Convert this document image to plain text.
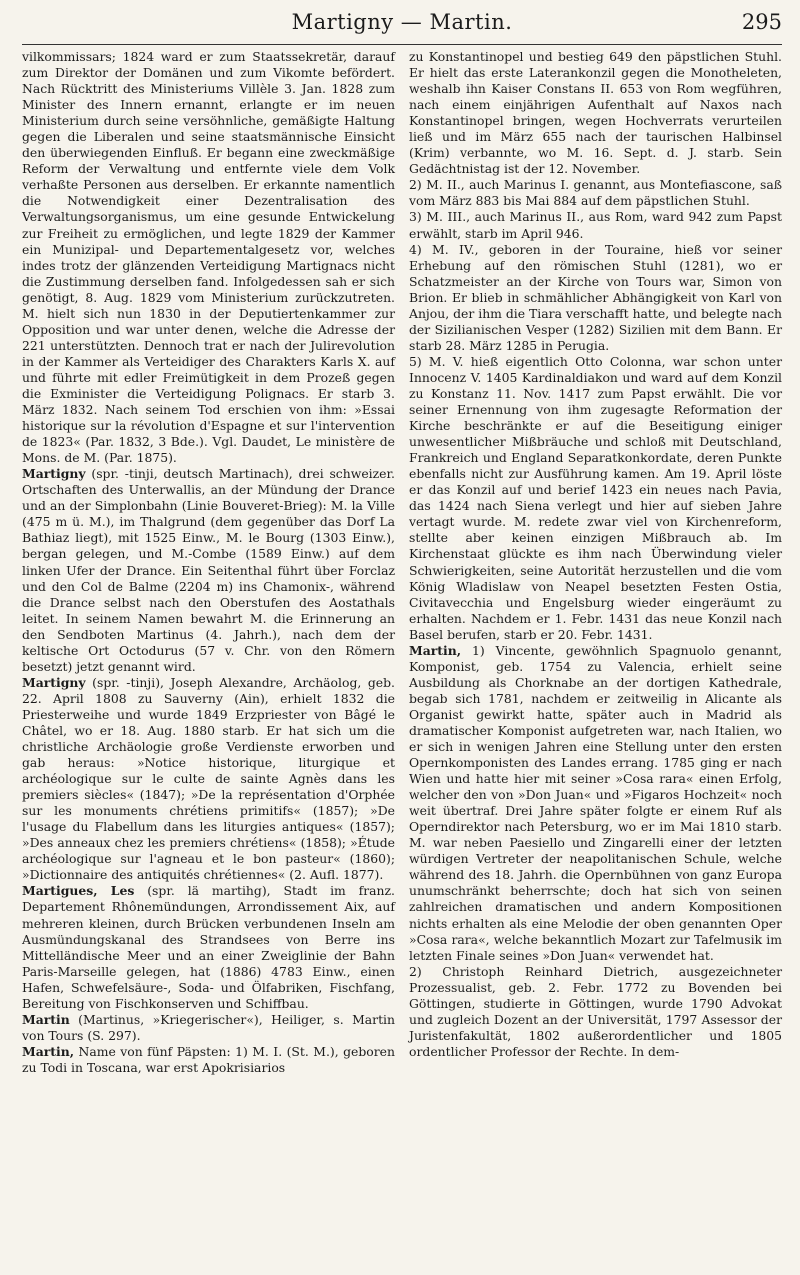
Martigny — Martin.	295

vilkommissars; 1824 ward er zum Staatssekretär, darauf zum Direktor der Domänen und zum Vikomte befördert. Nach Rücktritt des Ministeriums Villèle 3. Jan. 1828 zum Minister des Innern ernannt, erlangte er im neuen Ministerium durch seine versöhnliche, gemäßigte Haltung gegen die Liberalen und seine staatsmännische Einsicht den überwiegenden Einfluß. Er begann eine zweckmäßige Reform der Verwaltung und entfernte viele dem Volk verhaßte Personen aus derselben. Er erkannte namentlich die Notwendigkeit einer Dezentralisation des Verwaltungsorganismus, um eine gesunde Entwickelung zur Freiheit zu ermöglichen, und legte 1829 der Kammer ein Munizipal- und Departementalgesetz vor, welches indes trotz der glänzenden Verteidigung Martignacs nicht die Zustimmung derselben fand. Infolgedessen sah er sich genötigt, 8. Aug. 1829 vom Ministerium zurückzutreten. M. hielt sich nun 1830 in der Deputiertenkammer zur Opposition und war unter denen, welche die Adresse der 221 unterstützten. Dennoch trat er nach der Julirevolution in der Kammer als Verteidiger des Charakters Karls X. auf und führte mit edler Freimütigkeit in dem Prozeß gegen die Exminister die Verteidigung Polignacs. Er starb 3. März 1832. Nach seinem Tod erschien von ihm: »Essai historique sur la révolution d'Espagne et sur l'intervention de 1823« (Par. 1832, 3 Bde.). Vgl. Daudet, Le ministère de Mons. de M. (Par. 1875).

Martigny (spr. -tinji, deutsch Martinach), drei schweizer. Ortschaften des Unterwallis, an der Mündung der Drance und an der Simplonbahn (Linie Bouveret-Brieg): M. la Ville (475 m ü. M.), im Thalgrund (dem gegenüber das Dorf La Bathiaz liegt), mit 1525 Einw., M. le Bourg (1303 Einw.), bergan gelegen, und M.-Combe (1589 Einw.) auf dem linken Ufer der Drance. Ein Seitenthal führt über Forclaz und den Col de Balme (2204 m) ins Chamonix-, während die Drance selbst nach den Oberstufen des Aostathals leitet. In seinem Namen bewahrt M. die Erinnerung an den Sendboten Martinus (4. Jahrh.), nach dem der keltische Ort Octodurus (57 v. Chr. von den Römern besetzt) jetzt genannt wird.

Martigny (spr. -tinji), Joseph Alexandre, Archäolog, geb. 22. April 1808 zu Sauverny (Ain), erhielt 1832 die Priesterweihe und wurde 1849 Erzpriester von Bâgé le Châtel, wo er 18. Aug. 1880 starb. Er hat sich um die christliche Archäologie große Verdienste erworben und gab heraus: »Notice historique, liturgique et archéologique sur le culte de sainte Agnès dans les premiers siècles« (1847); »De la représentation d'Orphée sur les monuments chrétiens primitifs« (1857); »De l'usage du Flabellum dans les liturgies antiques« (1857); »Des anneaux chez les premiers chrétiens« (1858); »Étude archéologique sur l'agneau et le bon pasteur« (1860); »Dictionnaire des antiquités chrétiennes« (2. Aufl. 1877).

Martigues, Les (spr. lä martihg), Stadt im franz. Departement Rhônemündungen, Arrondissement Aix, auf mehreren kleinen, durch Brücken verbundenen Inseln am Ausmündungskanal des Strandsees von Berre ins Mittelländische Meer und an einer Zweiglinie der Bahn Paris-Marseille gelegen, hat (1886) 4783 Einw., einen Hafen, Schwefelsäure-, Soda- und Ölfabriken, Fischfang, Bereitung von Fischkonserven und Schiffbau.

Martin (Martinus, »Kriegerischer«), Heiliger, s. Martin von Tours (S. 297).

Martin, Name von fünf Päpsten: 1) M. I. (St. M.), geboren zu Todi in Toscana, war erst Apokrisiarios

zu Konstantinopel und bestieg 649 den päpstlichen Stuhl. Er hielt das erste Laterankonzil gegen die Monotheleten, weshalb ihn Kaiser Constans II. 653 von Rom wegführen, nach einem einjährigen Aufenthalt auf Naxos nach Konstantinopel bringen, wegen Hochverrats verurteilen ließ und im März 655 nach der taurischen Halbinsel (Krim) verbannte, wo M. 16. Sept. d. J. starb. Sein Gedächtnistag ist der 12. November.

2) M. II., auch Marinus I. genannt, aus Montefiascone, saß vom März 883 bis Mai 884 auf dem päpstlichen Stuhl.

3) M. III., auch Marinus II., aus Rom, ward 942 zum Papst erwählt, starb im April 946.

4) M. IV., geboren in der Touraine, hieß vor seiner Erhebung auf den römischen Stuhl (1281), wo er Schatzmeister an der Kirche von Tours war, Simon von Brion. Er blieb in schmählicher Abhängigkeit von Karl von Anjou, der ihm die Tiara verschafft hatte, und belegte nach der Sizilianischen Vesper (1282) Sizilien mit dem Bann. Er starb 28. März 1285 in Perugia.

5) M. V. hieß eigentlich Otto Colonna, war schon unter Innocenz V. 1405 Kardinaldiakon und ward auf dem Konzil zu Konstanz 11. Nov. 1417 zum Papst erwählt. Die vor seiner Ernennung von ihm zugesagte Reformation der Kirche beschränkte er auf die Beseitigung einiger unwesentlicher Mißbräuche und schloß mit Deutschland, Frankreich und England Separatkonkordate, deren Punkte ebenfalls nicht zur Ausführung kamen. Am 19. April löste er das Konzil auf und berief 1423 ein neues nach Pavia, das 1424 nach Siena verlegt und hier auf sieben Jahre vertagt wurde. M. redete zwar viel von Kirchenreform, stellte aber keinen einzigen Mißbrauch ab. Im Kirchenstaat glückte es ihm nach Überwindung vieler Schwierigkeiten, seine Autorität herzustellen und die vom König Wladislaw von Neapel besetzten Festen Ostia, Civitavecchia und Engelsburg wieder eingeräumt zu erhalten. Nachdem er 1. Febr. 1431 das neue Konzil nach Basel berufen, starb er 20. Febr. 1431.

Martin, 1) Vincente, gewöhnlich Spagnuolo genannt, Komponist, geb. 1754 zu Valencia, erhielt seine Ausbildung als Chorknabe an der dortigen Kathedrale, begab sich 1781, nachdem er zeitweilig in Alicante als Organist gewirkt hatte, später auch in Madrid als dramatischer Komponist aufgetreten war, nach Italien, wo er sich in wenigen Jahren eine Stellung unter den ersten Opernkomponisten des Landes errang. 1785 ging er nach Wien und hatte hier mit seiner »Cosa rara« einen Erfolg, welcher den von »Don Juan« und »Figaros Hochzeit« noch weit übertraf. Drei Jahre später folgte er einem Ruf als Operndirektor nach Petersburg, wo er im Mai 1810 starb. M. war neben Paesiello und Zingarelli einer der letzten würdigen Vertreter der neapolitanischen Schule, welche während des 18. Jahrh. die Opernbühnen von ganz Europa unumschränkt beherrschte; doch hat sich von seinen zahlreichen dramatischen und andern Kompositionen nichts erhalten als eine Melodie der oben genannten Oper »Cosa rara«, welche bekanntlich Mozart zur Tafelmusik im letzten Finale seines »Don Juan« verwendet hat.

2) Christoph Reinhard Dietrich, ausgezeichneter Prozessualist, geb. 2. Febr. 1772 zu Bovenden bei Göttingen, studierte in Göttingen, wurde 1790 Advokat und zugleich Dozent an der Universität, 1797 Assessor der Juristenfakultät, 1802 außerordentlicher und 1805 ordentlicher Professor der Rechte. In dem-
